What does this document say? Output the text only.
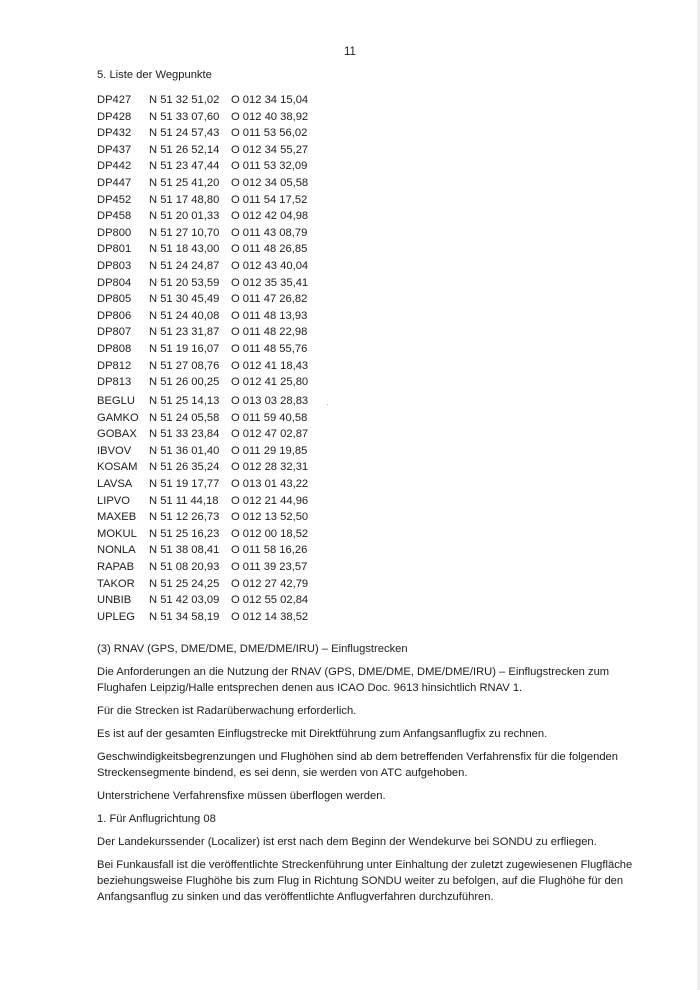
11
5. Liste der Wegpunkte
DP427	N 51 32 51,02	O 012 34 15,04
DP428	N 51 33 07,60	O 012 40 38,92
DP432	N 51 24 57,43	O 011 53 56,02
DP437	N 51 26 52,14	O 012 34 55,27
DP442	N 51 23 47,44	O 011 53 32,09
DP447	N 51 25 41,20	O 012 34 05,58
DP452	N 51 17 48,80	O 011 54 17,52
DP458	N 51 20 01,33	O 012 42 04,98
DP800	N 51 27 10,70	O 011 43 08,79
DP801	N 51 18 43,00	O 011 48 26,85
DP803	N 51 24 24,87	O 012 43 40,04
DP804	N 51 20 53,59	O 012 35 35,41
DP805	N 51 30 45,49	O 011 47 26,82
DP806	N 51 24 40,08	O 011 48 13,93
DP807	N 51 23 31,87	O 011 48 22,98
DP808	N 51 19 16,07	O 011 48 55,76
DP812	N 51 27 08,76	O 012 41 18,43
DP813	N 51 26 00,25	O 012 41 25,80
BEGLU	N 51 25 14,13	O 013 03 28,83
GAMKO	N 51 24 05,58	O 011 59 40,58
GOBAX	N 51 33 23,84	O 012 47 02,87
IBVOV	N 51 36 01,40	O 011 29 19,85
KOSAM	N 51 26 35,24	O 012 28 32,31
LAVSA	N 51 19 17,77	O 013 01 43,22
LIPVO	N 51 11 44,18	O 012 21 44,96
MAXEB	N 51 12 26,73	O 012 13 52,50
MOKUL	N 51 25 16,23	O 012 00 18,52
NONLA	N 51 38 08,41	O 011 58 16,26
RAPAB	N 51 08 20,93	O 011 39 23,57
TAKOR	N 51 25 24,25	O 012 27 42,79
UNBIB	N 51 42 03,09	O 012 55 02,84
UPLEG	N 51 34 58,19	O 012 14 38,52

(3) RNAV (GPS, DME/DME, DME/DME/IRU) – Einflugstrecken

Die Anforderungen an die Nutzung der RNAV (GPS, DME/DME, DME/DME/IRU) – Einflugstrecken zum Flughafen Leipzig/Halle entsprechen denen aus ICAO Doc. 9613 hinsichtlich RNAV 1.

Für die Strecken ist Radarüberwachung erforderlich.

Es ist auf der gesamten Einflugstrecke mit Direktführung zum Anfangsanflugfix zu rechnen.

Geschwindigkeitsbegrenzungen und Flughöhen sind ab dem betreffenden Verfahrensfix für die folgenden Streckensegmente bindend, es sei denn, sie werden von ATC aufgehoben.

Unterstrichene Verfahrensfixe müssen überflogen werden.

1. Für Anflugrichtung 08

Der Landekurssender (Localizer) ist erst nach dem Beginn der Wendekurve bei SONDU zu erfliegen.

Bei Funkausfall ist die veröffentlichte Streckenführung unter Einhaltung der zuletzt zugewiesenen Flugfläche beziehungsweise Flughöhe bis zum Flug in Richtung SONDU weiter zu befolgen, auf die Flughöhe für den Anfangsanflug zu sinken und das veröffentlichte Anflugverfahren durchzuführen.
